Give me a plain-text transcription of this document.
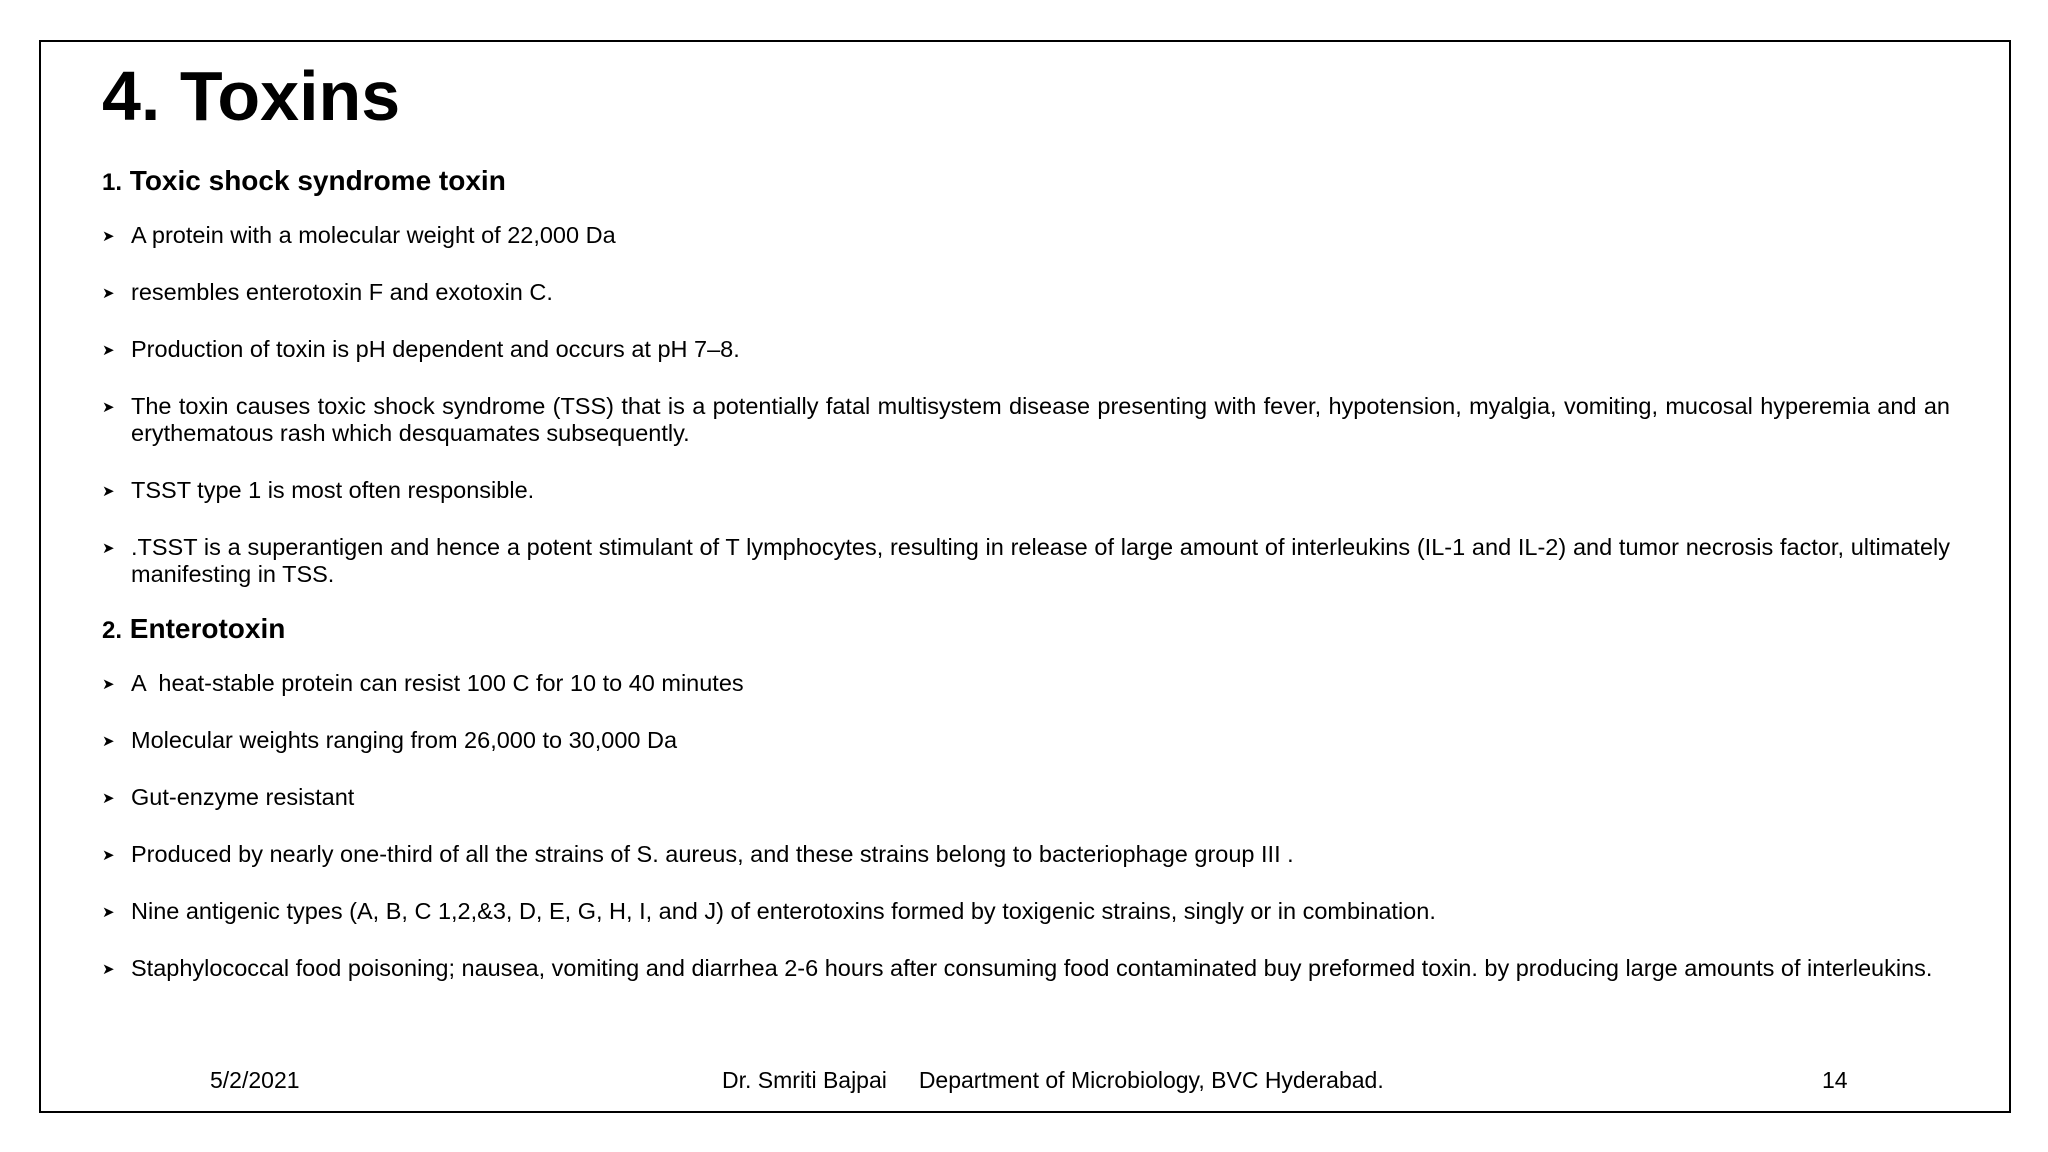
4. Toxins
1. Toxic shock syndrome toxin
➤ A protein with a molecular weight of 22,000 Da
➤ resembles enterotoxin F and exotoxin C.
➤ Production of toxin is pH dependent and occurs at pH 7–8.
➤ The toxin causes toxic shock syndrome (TSS) that is a potentially fatal multisystem disease presenting with fever, hypotension, myalgia, vomiting, mucosal hyperemia and an erythematous rash which desquamates subsequently.
➤ TSST type 1 is most often responsible.
➤ .TSST is a superantigen and hence a potent stimulant of T lymphocytes, resulting in release of large amount of interleukins (IL-1 and IL-2) and tumor necrosis factor, ultimately manifesting in TSS.
2. Enterotoxin
➤ A  heat-stable protein can resist 100 C for 10 to 40 minutes
➤ Molecular weights ranging from 26,000 to 30,000 Da
➤ Gut-enzyme resistant
➤ Produced by nearly one-third of all the strains of S. aureus, and these strains belong to bacteriophage group III .
➤ Nine antigenic types (A, B, C 1,2,&3, D, E, G, H, I, and J) of enterotoxins formed by toxigenic strains, singly or in combination.
➤ Staphylococcal food poisoning; nausea, vomiting and diarrhea 2-6 hours after consuming food contaminated buy preformed toxin. by producing large amounts of interleukins.
5/2/2021	Dr. Smriti Bajpai     Department of Microbiology, BVC Hyderabad.	14
